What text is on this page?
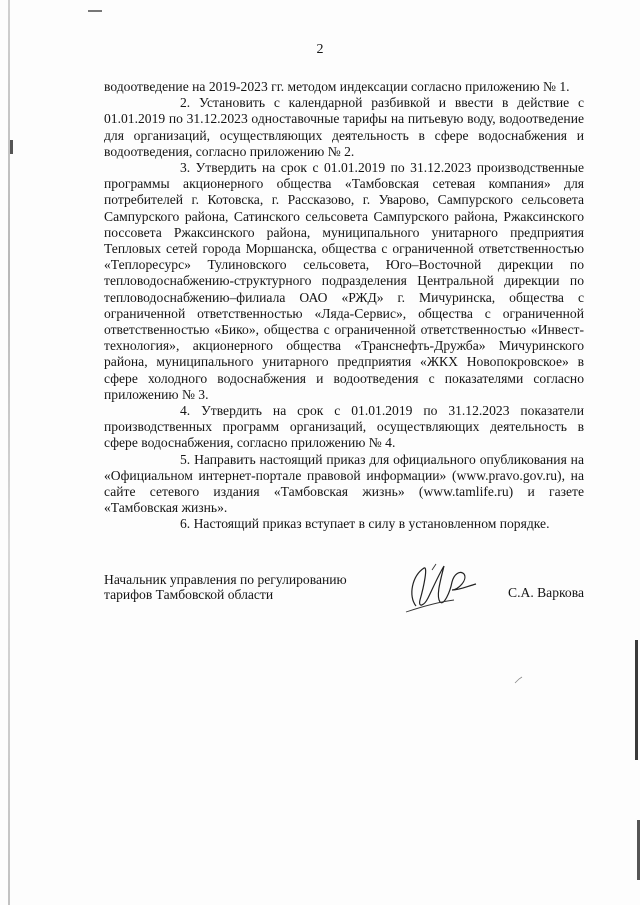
2

водоотведение на 2019-2023 гг. методом индексации согласно приложению № 1.

2. Установить с календарной разбивкой и ввести в действие с 01.01.2019 по 31.12.2023 одноставочные тарифы на питьевую воду, водоотведение для организаций, осуществляющих деятельность в сфере водоснабжения и водоотведения, согласно приложению № 2.

3. Утвердить на срок с 01.01.2019 по 31.12.2023 производственные программы акционерного общества «Тамбовская сетевая компания» для потребителей г. Котовска, г. Рассказово, г. Уварово, Сампурского сельсовета Сампурского района, Сатинского сельсовета Сампурского района, Ржаксинского поссовета Ржаксинского района, муниципального унитарного предприятия Тепловых сетей города Моршанска, общества с ограниченной ответственностью «Теплоресурс» Тулиновского сельсовета, Юго–Восточной дирекции по тепловодоснабжению-структурного подразделения Центральной дирекции по тепловодоснабжению–филиала ОАО «РЖД» г. Мичуринска, общества с ограниченной ответственностью «Ляда-Сервис», общества с ограниченной ответственностью «Бико», общества с ограниченной ответственностью «Инвест-технология», акционерного общества «Транснефть-Дружба» Мичуринского района, муниципального унитарного предприятия «ЖКХ Новопокровское» в сфере холодного водоснабжения и водоотведения с показателями согласно приложению № 3.

4. Утвердить на срок с 01.01.2019 по 31.12.2023 показатели производственных программ организаций, осуществляющих деятельность в сфере водоснабжения, согласно приложению № 4.

5. Направить настоящий приказ для официального опубликования на «Официальном интернет-портале правовой информации» (www.pravo.gov.ru), на сайте сетевого издания «Тамбовская жизнь» (www.tamlife.ru) и газете «Тамбовская жизнь».

6. Настоящий приказ вступает в силу в установленном порядке.

Начальник управления по регулированию
тарифов Тамбовской области	С.А. Варкова
